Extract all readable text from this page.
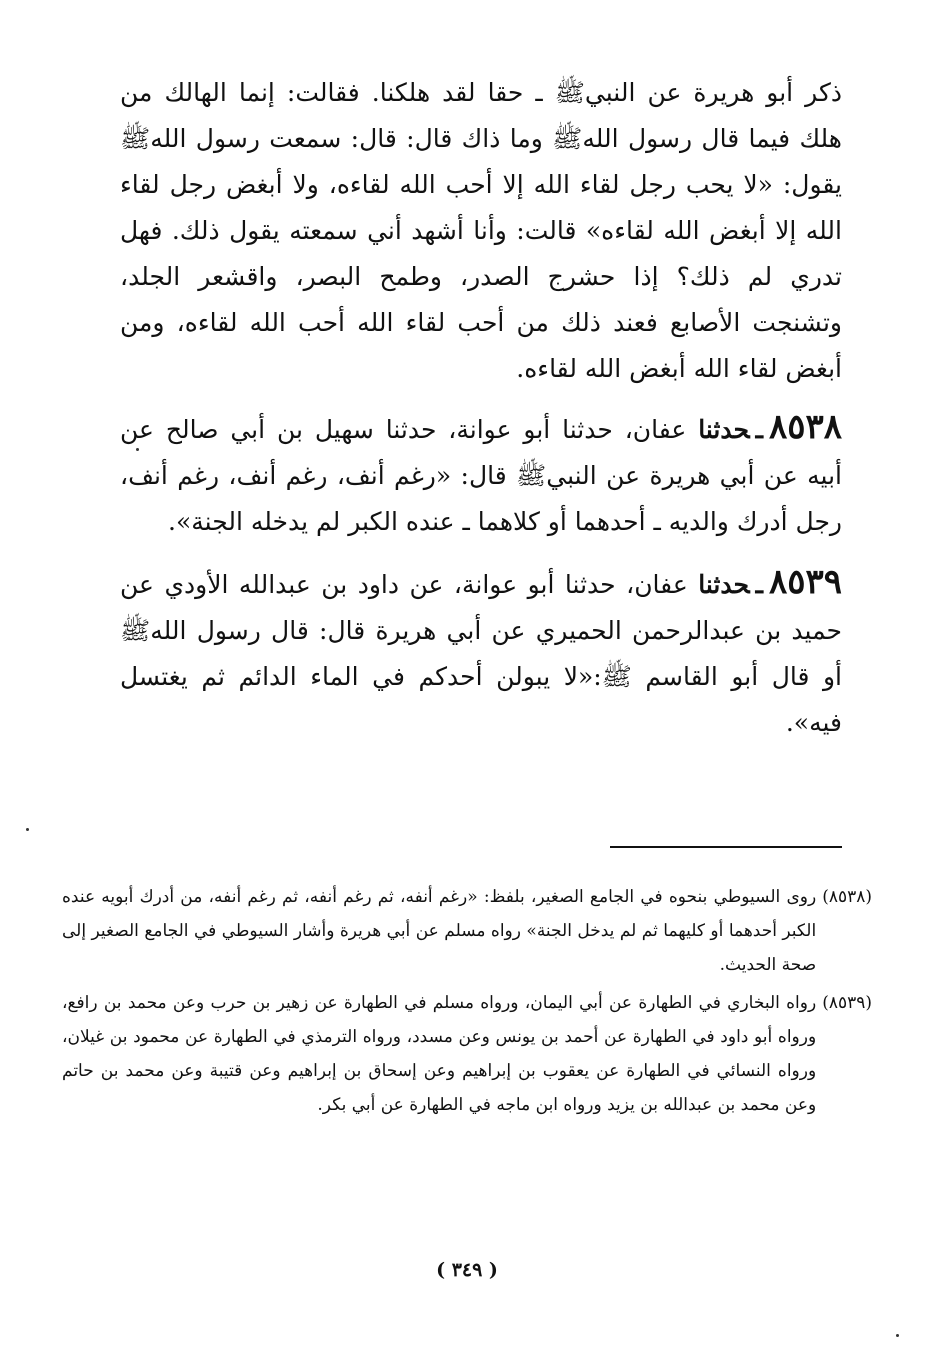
ذكر أبو هريرة عن النبيﷺ ـ حقا لقد هلكنا. فقالت: إنما الهالك من هلك فيما قال رسول اللهﷺ وما ذاك قال: قال: سمعت رسول اللهﷺ يقول: «لا يحب رجل لقاء الله إلا أحب الله لقاءه، ولا أبغض رجل لقاء الله إلا أبغض الله لقاءه» قالت: وأنا أشهد أني سمعته يقول ذلك. فهل تدري لم ذلك؟ إذا حشرج الصدر، وطمح البصر، واقشعر الجلد، وتشنجت الأصابع فعند ذلك من أحب لقاء الله أحب الله لقاءه، ومن أبغض لقاء الله أبغض الله لقاءه.

٨٥٣٨ـحدثنا عفان، حدثنا أبو عوانة، حدثنا سهيل بن أبي صالح عن أبيه عن أبي هريرة عن النبيﷺ قال: «رغم أنف، رغم أنف، رغم أنف، رجل أدرك والديه ـ أحدهما أو كلاهما ـ عنده الكبر لم يدخله الجنة».

٨٥٣٩ـحدثنا عفان، حدثنا أبو عوانة، عن داود بن عبدالله الأودي عن حميد بن عبدالرحمن الحميري عن أبي هريرة قال: قال رسول اللهﷺ أو قال أبو القاسم ﷺ:«لا يبولن أحدكم في الماء الدائم ثم يغتسل فيه».

(٨٥٣٨)
روى السيوطي بنحوه في الجامع الصغير، بلفظ: «رغم أنفه، ثم رغم أنفه، ثم رغم أنفه، من أدرك أبويه عنده الكبر أحدهما أو كليهما ثم لم يدخل الجنة» رواه مسلم عن أبي هريرة وأشار السيوطي في الجامع الصغير إلى صحة الحديث.
(٨٥٣٩)
رواه البخاري في الطهارة عن أبي اليمان، ورواه مسلم في الطهارة عن زهير بن حرب وعن محمد بن رافع، ورواه أبو داود في الطهارة عن أحمد بن يونس وعن مسدد، ورواه الترمذي في الطهارة عن محمود بن غيلان، ورواه النسائي في الطهارة عن يعقوب بن إبراهيم وعن إسحاق بن إبراهيم وعن قتيبة وعن محمد بن حاتم وعن محمد بن عبدالله بن يزيد ورواه ابن ماجه في الطهارة عن أبي بكر.
( ٣٤٩ )
